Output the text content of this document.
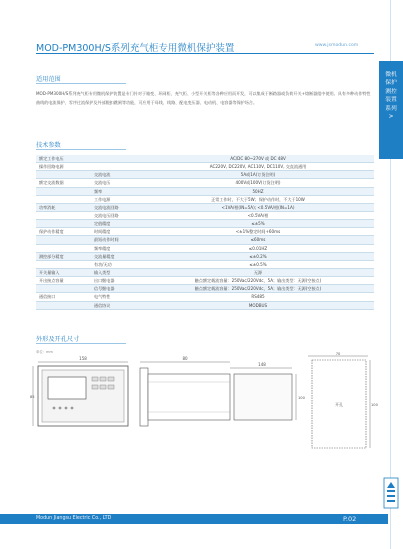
MOD-PM300H/S系列充气柜专用微机保护装置	www.jsmodun.com
微机保护测控装置系列 >
适用范围
MOD-PM300H/S系列充气柜专用微机保护装置是专门针对于箱变、环网柜、充气柜、小型开关柜等各种应用而开发，可以集成于断路器或负荷开关+熔断器组中使用。具有多种动作特性曲线的电流保护、零序过流保护及外部脱扣跳闸等功能，可应用于母线、线路、配电变压器、电动机、电容器等保护场合。
技术参数
额定工作电压		AC/DC 80~270V 或 DC 48V
操作回路电源		AC220V, DC220V, AC110V, DC110V, 交直流通用
	交流电流	5A或1A(订货注明)
额定交流数据	交流电压	400V或100V(订货注明)
	频率	50HZ
	工作电源	正常工作时，不大于5W；保护动作时，不大于10W
功率消耗	交流电流回路	<1VA/相(IN=5A); <0.5VA/相(IN=1A)
	交流电压回路	<0.5VA/相
	定值精度	≤±5%
保护动作精度	时间精度	<±1%整定时间+60ms
	最短动作时间	≤60ms
	频率精度	≤0.01HZ
测控部分精度	交流量精度	≤±0.2%
	有功/无功	≤±0.5%
开关量输入	输入类型	无源
开出接点容量	出口继电器	触点额定载流容量：250Vac/220Vdc，5A；输出类型：无源(空接点)
	信号继电器	触点额定载流容量：250Vac/220Vdc，5A；输出类型：无源(空接点)
通信接口	电气特性	RS485
	通信协议	MODBUS
外形及开孔尺寸
单位：mm
158
85
80
148
100
70
开孔	100
Modun Jiangsu Electric Co., LTD	P.02
